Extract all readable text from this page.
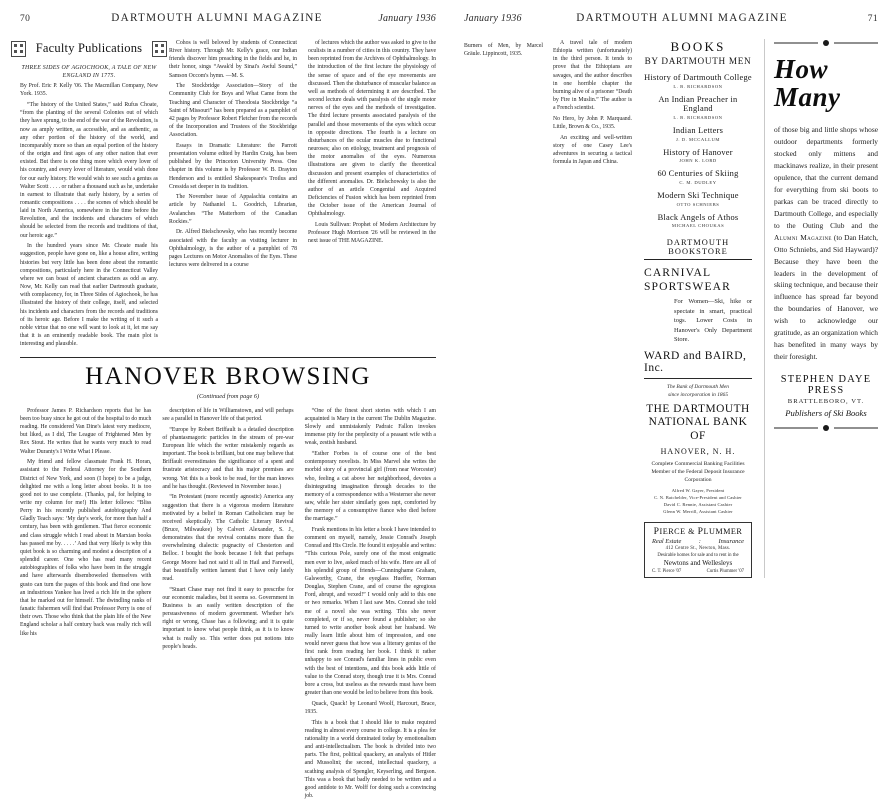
70	DARTMOUTH ALUMNI MAGAZINE	January 1936
Faculty Publications
THREE SIDES OF AGIOCHOOK, A TALE OF NEW ENGLAND IN 1775.
By Prof. Eric P. Kelly '06. The Macmillan Company, New York. 1935.

“The history of the United States,” said Rufus Choate, “from the planting of the several Colonies out of which they have sprung, to the end of the war of the Revolution, is now as amply written, as accessible, and as authentic, as any other portion of the history of the world, and incomparably more so than an equal portion of the history of the origin and first ages of any other nation that ever existed. But there is one thing more which every lover of his country, and every lover of literature, would wish done for our early history. He would wish to see such a genius as Walter Scott . . . . or rather a thousand such as he, undertake in earnest to illustrate that early history, by a series of romantic compositions . . . . the scenes of which should be laid in North America, somewhere in the time before the Revolution, and the incidents and characters of which should be selected from the records and traditions of that, our heroic age.”

In the hundred years since Mr. Choate made his suggestion, people have gone on, like a house afire, writing histories but very little has been done about the romantic compositions, particularly here in the Connecticut Valley where we can boast of ancient characters as odd as any. Now, Mr. Kelly can read that earlier Dartmouth graduate, with complacency, for, in Three Sides of Agiochook, he has illustrated the history of their college, itself, and selected his incidents and characters from the records and traditions of its heroic age. Before I make the writing of it such a noble virtue that no one will want to look at it, let me say that it is an eminently readable book. The main plot is interesting and plausible.

Cohos is well beloved by students of Connecticut River history. Through Mr. Kelly's grace, our Indian friends discover him preaching in the fields and he, in their honor, sings “Awak'd by Sinai's Awful Sound,” Samson Occom's hymn. —M. S.

The Stockbridge Association—Story of the Community Club for Boys and What Came from the Teaching and Character of Theodosia Stockbridge “a Saint of Missouri” has been prepared as a pamphlet of 42 pages by Professor Robert Fletcher from the records of the Incorporation and Trustees of the Stockbridge Association.

Essays in Dramatic Literature: the Parrott presentation volume edited by Hardin Craig, has been published by the Princeton University Press. One chapter in this volume is by Professor W. B. Drayton Henderson and is entitled Shakespeare's Troilus and Cressida set deeper in its tradition.

The November issue of Appalachia contains an article by Nathaniel L. Goodrich, Librarian, Avalanches “The Matterhorn of the Canadian Rockies.”

Dr. Alfred Bielschowsky, who has recently become associated with the faculty as visiting lecturer in Ophthalmology, is the author of a pamphlet of 78 pages Lectures on Motor Anomalies of the Eyes. These lectures were delivered in a course

of lectures which the author was asked to give to the oculists in a number of cities in this country. They have been reprinted from the Archives of Ophthalmology. In the introduction of the first lecture the physiology of the sense of space and of the eye movements are discussed. Then the disturbance of muscular balance as well as methods of determining it are described. The second lecture deals with paralysis of the single motor nerves of the eyes and the methods of investigation. The third lecture presents associated paralysis of the parallel and those movements of the eyes which occur in opposite directions. The fourth is a lecture on disturbances of the ocular muscles due to functional neuroses; also on etiology, treatment and prognosis of the motor anomalies of the eyes. Numerous illustrations are given to clarify the theoretical discussion and present examples of characteristics of the different anomalies. Dr. Bielschowsky is also the author of an article Congenital and Acquired Deficiencies of Fusion which has been reprinted from the October issue of the American Journal of Ophthalmology.

Louis Sullivan: Prophet of Modern Architecture by Professor Hugh Morrison '26 will be reviewed in the next issue of THE MAGAZINE.

HANOVER BROWSING
(Continued from page 6)

Professor James P. Richardson reports that he has been too busy since he got out of the hospital to do much reading. He considered Van Dine's latest very mediocre, but liked, as I did, The League of Frightened Men by Rex Stout. He writes that he wants very much to read Walter Duranty's I Write What I Please.

My friend and fellow classmate Frank H. Horan, assistant to the Federal Attorney for the Southern District of New York, and soon (I hope) to be a judge, delighted me with a long letter about books. It is too good not to use complete. (Thanks, pal, for helping to write my column for me!) His letter follows: “Bliss Perry in his recently published autobiography And Gladly Teach says: ‘My day's work, for more than half a century, has been with gentlemen. That fierce economic and class struggle which I read about in Marxian books has passed me by. . . . .’ And that very likely is why this quiet book is so charming and modest a description of a splendid career. One who has read many recent autobiographies of folks who have been in the struggle and have afterwards disemboweled themselves with gusto can turn the pages of this book and find one how an industrious Yankee has lived a rich life in the sphere that he marked out for himself. The dwindling ranks of fanatic fishermen will find that Professor Perry is one of their own. Those who think that the plain life of the New England scholar a half century back was really rich will like his

description of life in Williamstown, and will perhaps see a parallel in Hanover life of that period.

“Europe by Robert Briffault is a detailed description of phantasmagoric particles in the stream of pre-war European life which the writer mistakenly regards as important. The book is brilliant, but one may believe that Briffault overestimates the significance of a spent and frustrate aristocracy and that his major premises are wrong. Yet this is a book to be read, for the man knows and he has thought. (Reviewed in November issue.)

“In Protestant (more recently agnostic) America any suggestion that there is a vigorous modern literature motivated by a belief in Roman Catholicism may be received skeptically. The Catholic Literary Revival (Bruce, Milwaukee) by Calvert Alexander, S. J., demonstrates that the revival contains more than the overwhelming dialectic pugnacity of Chesterton and Belloc. I bought the book because I felt that perhaps George Moore had not said it all in Hail and Farewell, that beautifully written lament that I have only lately read.

“Stuart Chase may not find it easy to prescribe for our economic maladies, but it seems so. Government in Business is an easily written description of the persuasiveness of modern government. Whether he's right or wrong, Chase has a following; and it is quite important to know what people think, as it is to know what is really so. This writer does put notions into people's heads.

“One of the finest short stories with which I am acquainted is Mary in the current The Dublin Magazine. Slowly and unmistakenly Padraic Fallon invokes immense pity for the perplexity of a peasant wife with a weak, zestish husband.

“Esther Forbes is of course one of the best contemporary novelists. In Miss Marvel she writes the morbid story of a provincial girl (from near Worcester) who, feeling a cat above her neighborhood, devotes a disintegrating imagination through decades to the memory of a correspondence with a Westerner she never saw, while her sister similarly goes rapt, comforted by the memory of a consumptive fiance who died before the marriage.”

Frank mentions in his letter a book I have intended to comment on myself, namely, Jessie Conrad's Joseph Conrad and His Circle. He found it enjoyable and writes: “This curious Pole, surely one of the most enigmatic men ever to live, asked much of his wife. Here are all of his splendid group of friends—Cunninghame Graham, Galsworthy, Crane, the eyeglass Hueffer, Norman Douglas, Stephen Crane, and of course the egregious Ford, abrupt, and vexed!” I would only add to this one or two remarks. When I last saw Mrs. Conrad she told me of a novel she was writing. This she never completed, or if so, never found a publisher; so she turned to write another book about her husband. We really learn little about him of impression, and one would never guess that how was a literary genius of the first rank from reading her book. I think it rather unhappy to see Conrad's familiar lines in public even with the best of intentions, and this book adds little of value to the Conrad story, though true it is Mrs. Conrad bore a cross, but useless as the rewards must have been greater than one would be led to believe from this book.

Quack, Quack! by Leonard Woolf, Harcourt, Brace, 1935.

This is a book that I should like to make required reading in almost every course in college. It is a plea for rationality in a world dominated today by emotionalism and anti-intellectualism. The book is divided into two parts. The first, political quackery, an analysis of Hitler and Mussolini; the second, intellectual quackery, a scathing analysis of Spengler, Keyserling, and Bergson. This was a book that badly needed to be written and a good antidote to Mr. Wolff for doing such a convincing job.

January 1936	DARTMOUTH ALUMNI MAGAZINE	71

Burners of Men, by Marcel Gräule. Lippincott, 1935.

A travel tale of modern Ethiopia written (unfortunately) in the third person. It tends to prove that the Ethiopians are savages, and the author describes in one horrible chapter the burning alive of a prisoner “Death by Fire in Muslin.” The author is a French scientist.

No Hero, by John P. Marquand. Little, Brown & Co., 1935.

An exciting and well-written story of one Casey Lee's adventures in securing a tactical formula in Japan and China.

BOOKS
BY DARTMOUTH MEN
History of Dartmouth College
L. B. RICHARDSON
An Indian Preacher in England
L. B. RICHARDSON
Indian Letters
J. D. MCCALLUM
History of Hanover
JOHN K. LORD
60 Centuries of Skiing
C. M. DUDLEY
Modern Ski Technique
OTTO SCHNIEBS
Black Angels of Athos
MICHAEL CHOUKAS
DARTMOUTH BOOKSTORE
CARNIVAL
SPORTSWEAR
For Women—Ski, hike or spectate in smart, practical togs. Lower Costs in Hanover's Only Department Store.
WARD and BAIRD, Inc.
The Bank of Dartmouth Men
since incorporation in 1865
THE DARTMOUTH
NATIONAL BANK OF
HANOVER, N. H.
Complete Commercial Banking Facilities
Member of the Federal Deposit Insurance
Corporation
Alfred W. Gayer, President
C. N. Batchelder, Vice-President and Cashier
David C. Rennie, Assistant Cashier
Glenn W. Merrill, Assistant Cashier
PIERCE & PLUMMER
Real Estate	:	Insurance
412 Centre St., Newton, Mass.
Desirable homes for sale and to rent in the
Newtons and Wellesleys
C. T. Pierce '07	Curtis Plummer '07
How
Many

of those big and little shops whose outdoor departments formerly stocked only mittens and mackinaws realize, in their present opulence, that the current demand for everything from ski boots to parkas can be traced directly to Dartmouth College, and especially to the Outing Club and the Alumni Magazine (to Dan Hatch, Otto Schniebs, and Sid Hayward)? Because they have been the leaders in the development of skiing technique, and because their influence has spread far beyond the boundaries of Hanover, we wish to acknowledge our gratitude, as an organization which has benefited in many ways by their foresight.

STEPHEN DAYE PRESS
BRATTLEBORO, VT.
Publishers of Ski Books
